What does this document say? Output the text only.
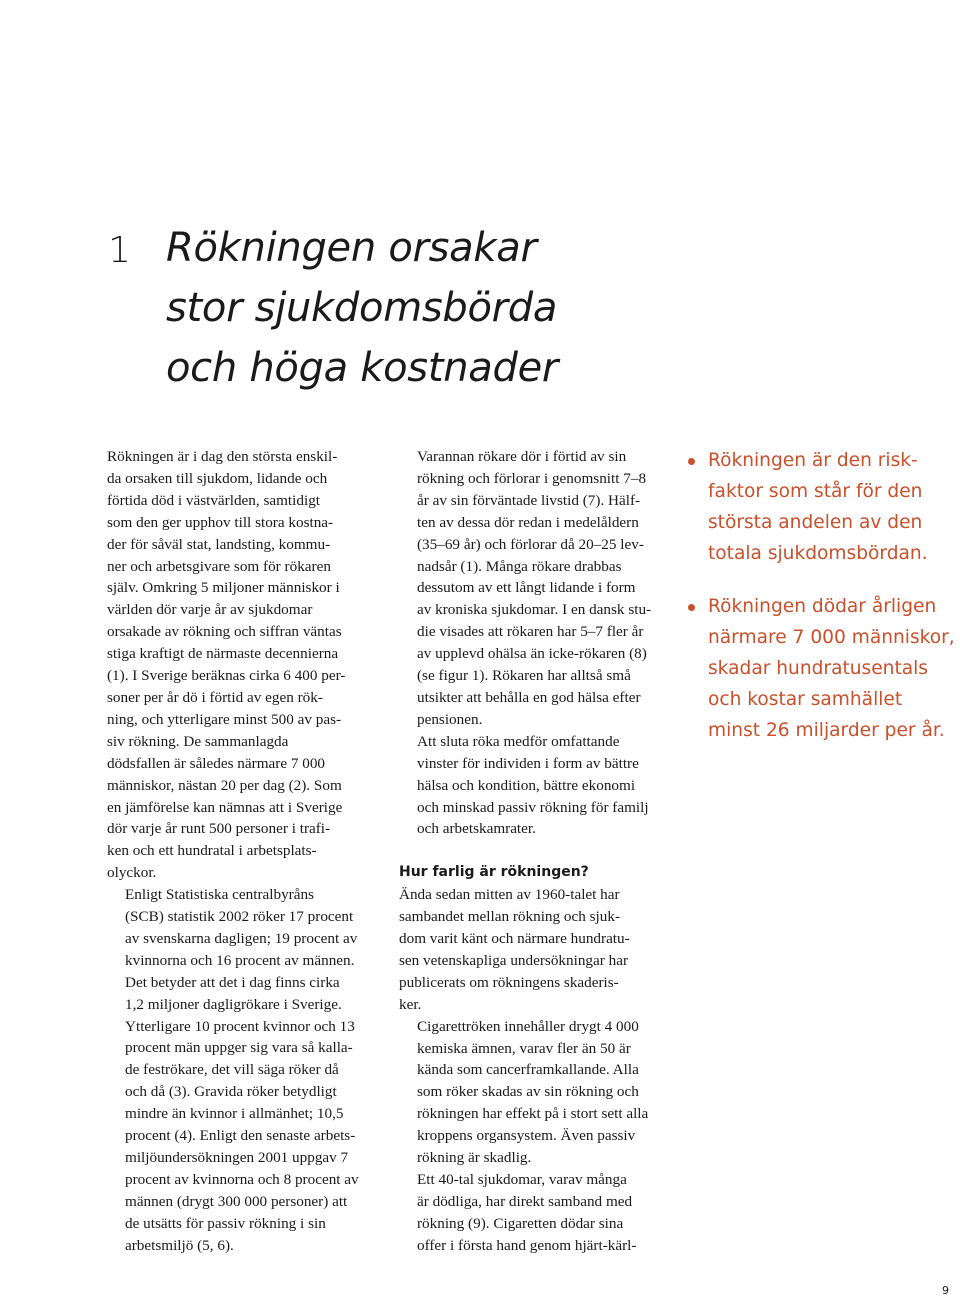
1 Rökningen orsakar
stor sjukdomsbörda
och höga kostnader

Rökningen är i dag den största enskil-
da orsaken till sjukdom, lidande och
förtida död i västvärlden, samtidigt
som den ger upphov till stora kostna-
der för såväl stat, landsting, kommu-
ner och arbetsgivare som för rökaren
själv. Omkring 5 miljoner människor i
världen dör varje år av sjukdomar
orsakade av rökning och siffran väntas
stiga kraftigt de närmaste decennierna
(1). I Sverige beräknas cirka 6 400 per-
soner per år dö i förtid av egen rök-
ning, och ytterligare minst 500 av pas-
siv rökning. De sammanlagda
dödsfallen är således närmare 7 000
människor, nästan 20 per dag (2). Som
en jämförelse kan nämnas att i Sverige
dör varje år runt 500 personer i trafi-
ken och ett hundratal i arbetsplats-
olyckor.

Enligt Statistiska centralbyråns
(SCB) statistik 2002 röker 17 procent
av svenskarna dagligen; 19 procent av
kvinnorna och 16 procent av männen.
Det betyder att det i dag finns cirka
1,2 miljoner dagligrökare i Sverige.
Ytterligare 10 procent kvinnor och 13
procent män uppger sig vara så kalla-
de feströkare, det vill säga röker då
och då (3). Gravida röker betydligt
mindre än kvinnor i allmänhet; 10,5
procent (4). Enligt den senaste arbets-
miljöundersökningen 2001 uppgav 7
procent av kvinnorna och 8 procent av
männen (drygt 300 000 personer) att
de utsätts för passiv rökning i sin
arbetsmiljö (5, 6).

Varannan rökare dör i förtid av sin
rökning och förlorar i genomsnitt 7–8
år av sin förväntade livstid (7). Hälf-
ten av dessa dör redan i medelåldern
(35–69 år) och förlorar då 20–25 lev-
nadsår (1). Många rökare drabbas
dessutom av ett långt lidande i form
av kroniska sjukdomar. I en dansk stu-
die visades att rökaren har 5–7 fler år
av upplevd ohälsa än icke-rökaren (8)
(se figur 1). Rökaren har alltså små
utsikter att behålla en god hälsa efter
pensionen.

Att sluta röka medför omfattande
vinster för individen i form av bättre
hälsa och kondition, bättre ekonomi
och minskad passiv rökning för familj
och arbetskamrater.

Hur farlig är rökningen?

Ända sedan mitten av 1960-talet har
sambandet mellan rökning och sjuk-
dom varit känt och närmare hundratu-
sen vetenskapliga undersökningar har
publicerats om rökningens skaderis-
ker.

Cigarettröken innehåller drygt 4 000
kemiska ämnen, varav fler än 50 är
kända som cancerframkallande. Alla
som röker skadas av sin rökning och
rökningen har effekt på i stort sett alla
kroppens organsystem. Även passiv
rökning är skadlig.

Ett 40-tal sjukdomar, varav många
är dödliga, har direkt samband med
rökning (9). Cigaretten dödar sina
offer i första hand genom hjärt-kärl-

Rökningen är den risk-
faktor som står för den
största andelen av den
totala sjukdomsbördan.
Rökningen dödar årligen
närmare 7 000 människor,
skadar hundratusentals
och kostar samhället
minst 26 miljarder per år.
9
